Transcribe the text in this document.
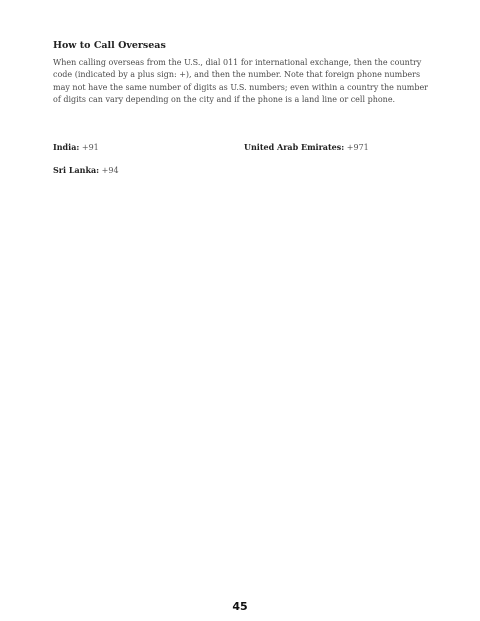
How to Call Overseas

When calling overseas from the U.S., dial 011 for international exchange, then the country code (indicated by a plus sign: +), and then the number. Note that foreign phone numbers may not have the same number of digits as U.S. numbers; even within a country the number of digits can vary depending on the city and if the phone is a land line or cell phone.

India: +91	United Arab Emirates: +971

Sri Lanka: +94

45
